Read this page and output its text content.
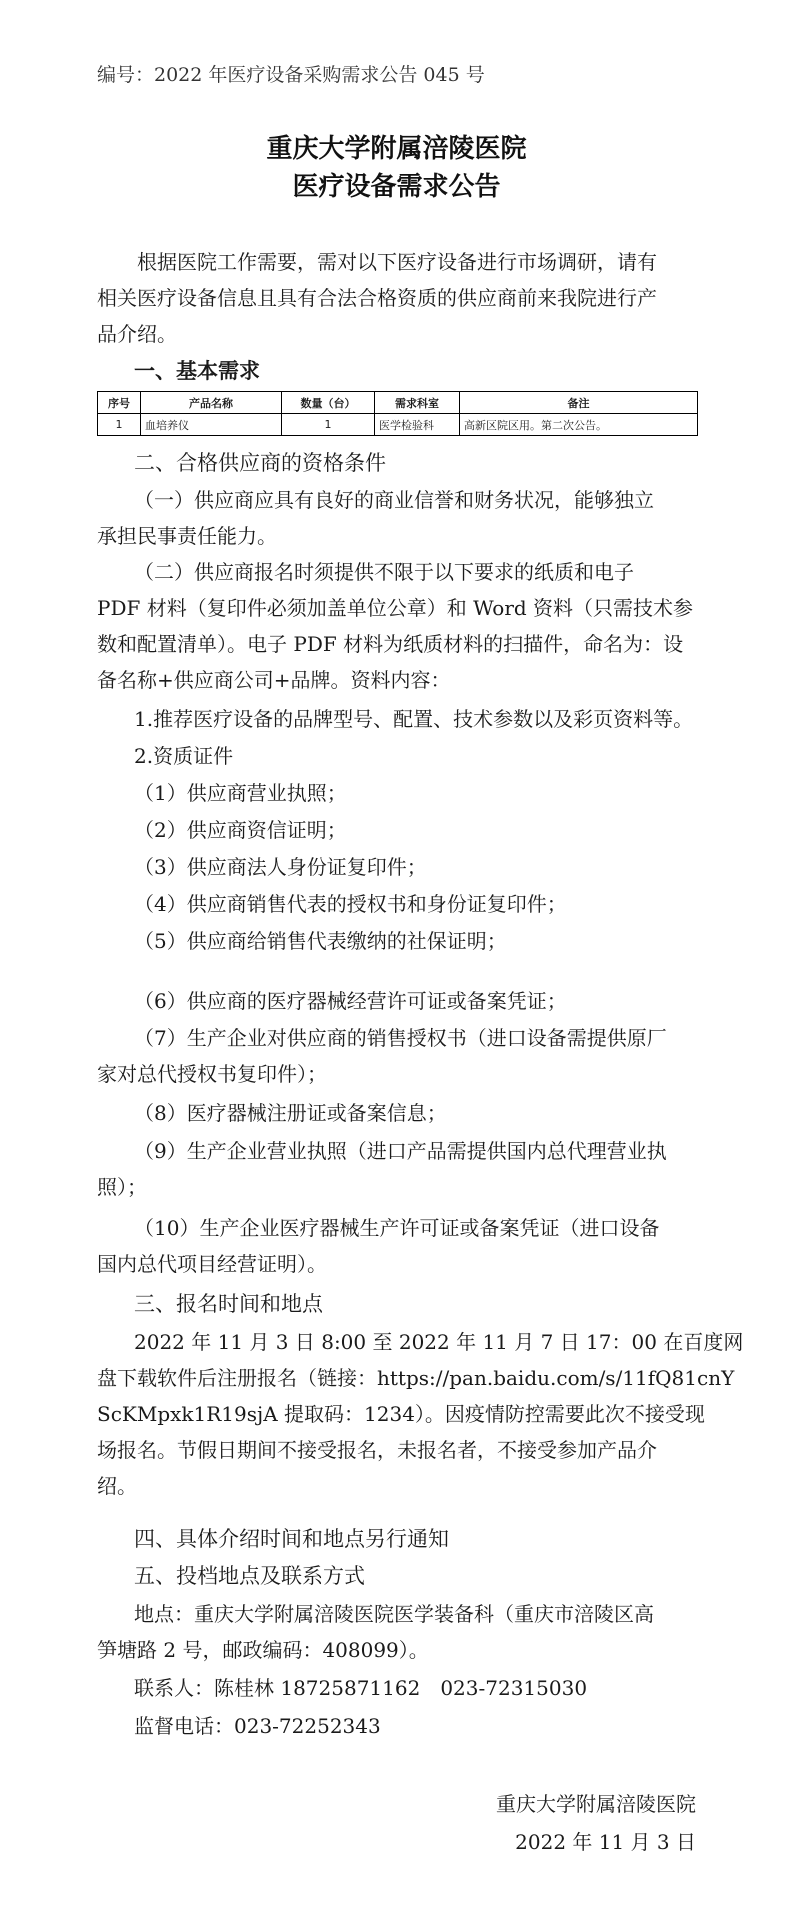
编号：2022 年医疗设备采购需求公告 045 号
重庆大学附属涪陵医院
医疗设备需求公告
根据医院工作需要，需对以下医疗设备进行市场调研，请有
相关医疗设备信息且具有合法合格资质的供应商前来我院进行产
品介绍。
一、基本需求
序号	产品名称	数量（台）	需求科室	备注
1	血培养仪	1	医学检验科	高新区院区用。第二次公告。
二、合格供应商的资格条件
（一）供应商应具有良好的商业信誉和财务状况，能够独立
承担民事责任能力。
（二）供应商报名时须提供不限于以下要求的纸质和电子
PDF 材料（复印件必须加盖单位公章）和 Word 资料（只需技术参
数和配置清单）。电子 PDF 材料为纸质材料的扫描件，命名为：设
备名称+供应商公司+品牌。资料内容：
1.推荐医疗设备的品牌型号、配置、技术参数以及彩页资料等。
2.资质证件
（1）供应商营业执照；
（2）供应商资信证明；
（3）供应商法人身份证复印件；
（4）供应商销售代表的授权书和身份证复印件；
（5）供应商给销售代表缴纳的社保证明；
（6）供应商的医疗器械经营许可证或备案凭证；
（7）生产企业对供应商的销售授权书（进口设备需提供原厂
家对总代授权书复印件）；
（8）医疗器械注册证或备案信息；
（9）生产企业营业执照（进口产品需提供国内总代理营业执
照）；
（10）生产企业医疗器械生产许可证或备案凭证（进口设备
国内总代项目经营证明）。
三、报名时间和地点
2022 年 11 月 3 日 8:00 至 2022 年 11 月 7 日 17：00 在百度网
盘下载软件后注册报名（链接：https://pan.baidu.com/s/11fQ81cnY
ScKMpxk1R19sjA 提取码：1234）。因疫情防控需要此次不接受现
场报名。节假日期间不接受报名，未报名者，不接受参加产品介
绍。
四、具体介绍时间和地点另行通知
五、投档地点及联系方式
地点：重庆大学附属涪陵医院医学装备科（重庆市涪陵区高
笋塘路 2 号，邮政编码：408099）。
联系人：陈桂林 18725871162　023-72315030
监督电话：023-72252343
重庆大学附属涪陵医院
2022 年 11 月 3 日
